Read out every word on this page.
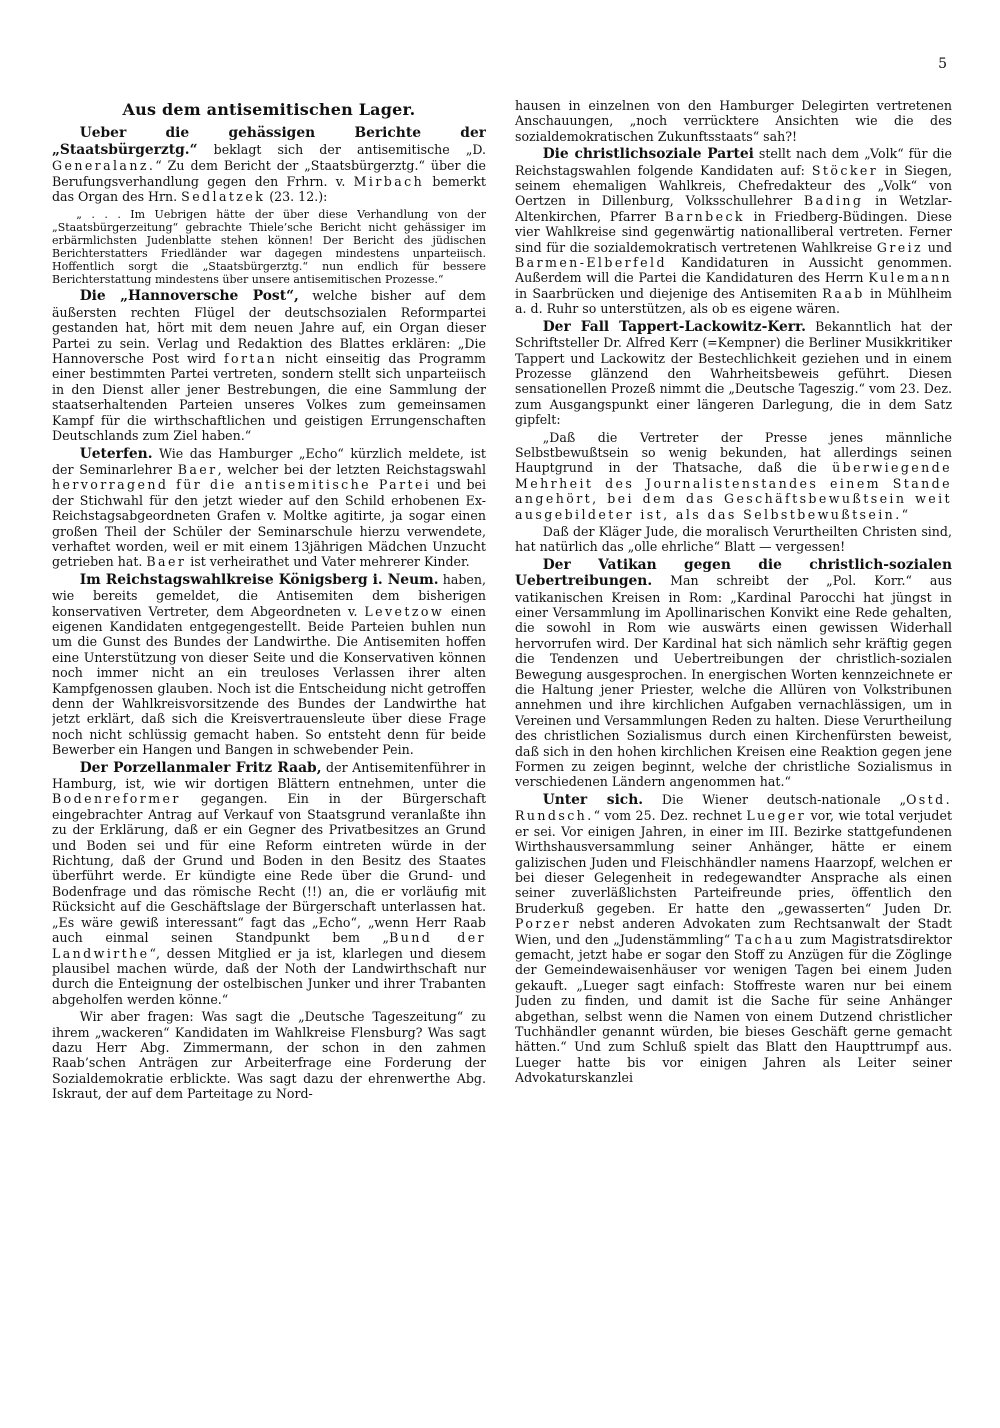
5
Aus dem antisemitischen Lager.

Ueber die gehässigen Berichte der „Staatsbürgerztg.“ beklagt sich der antisemitische „D. Generalanz.“ Zu dem Bericht der „Staatsbürgerztg.“ über die Berufungsverhandlung gegen den Frhrn. v. Mirbach bemerkt das Organ des Hrn. Sedlatzek (23. 12.):

„ . . . Im Uebrigen hätte der über diese Verhandlung von der „Staatsbürgerzeitung“ gebrachte Thiele’sche Bericht nicht gehässiger im erbärmlichsten Judenblatte stehen können! Der Bericht des jüdischen Berichterstatters Friedländer war dagegen mindestens unparteiisch. Hoffentlich sorgt die „Staatsbürgerztg.“ nun endlich für bessere Berichterstattung mindestens über unsere antisemitischen Prozesse.“

Die „Hannoversche Post“, welche bisher auf dem äußersten rechten Flügel der deutschsozialen Reformpartei gestanden hat, hört mit dem neuen Jahre auf, ein Organ dieser Partei zu sein. Verlag und Redaktion des Blattes erklären: „Die Hannoversche Post wird fortan nicht einseitig das Programm einer bestimmten Partei vertreten, sondern stellt sich unparteiisch in den Dienst aller jener Bestrebungen, die eine Sammlung der staatserhaltenden Parteien unseres Volkes zum gemeinsamen Kampf für die wirthschaftlichen und geistigen Errungenschaften Deutschlands zum Ziel haben.“

Ueterfen. Wie das Hamburger „Echo“ kürzlich meldete, ist der Seminarlehrer Baer, welcher bei der letzten Reichstagswahl hervorragend für die antisemitische Partei und bei der Stichwahl für den jetzt wieder auf den Schild erhobenen Ex-Reichstagsabgeordneten Grafen v. Moltke agitirte, ja sogar einen großen Theil der Schüler der Seminarschule hierzu verwendete, verhaftet worden, weil er mit einem 13jährigen Mädchen Unzucht getrieben hat. Baer ist verheirathet und Vater mehrerer Kinder.

Im Reichstagswahlkreise Königsberg i. Neum. haben, wie bereits gemeldet, die Antisemiten dem bisherigen konservativen Vertreter, dem Abgeordneten v. Levetzow einen eigenen Kandidaten entgegengestellt. Beide Parteien buhlen nun um die Gunst des Bundes der Landwirthe. Die Antisemiten hoffen eine Unterstützung von dieser Seite und die Konservativen können noch immer nicht an ein treuloses Verlassen ihrer alten Kampfgenossen glauben. Noch ist die Entscheidung nicht getroffen denn der Wahlkreisvorsitzende des Bundes der Landwirthe hat jetzt erklärt, daß sich die Kreisvertrauensleute über diese Frage noch nicht schlüssig gemacht haben. So entsteht denn für beide Bewerber ein Hangen und Bangen in schwebender Pein.

Der Porzellanmaler Fritz Raab, der Antisemitenführer in Hamburg, ist, wie wir dortigen Blättern entnehmen, unter die Bodenreformer gegangen. Ein in der Bürgerschaft eingebrachter Antrag auf Verkauf von Staatsgrund veranlaßte ihn zu der Erklärung, daß er ein Gegner des Privatbesitzes an Grund und Boden sei und für eine Reform eintreten würde in der Richtung, daß der Grund und Boden in den Besitz des Staates überführt werde. Er kündigte eine Rede über die Grund- und Bodenfrage und das römische Recht (!!) an, die er vorläufig mit Rücksicht auf die Geschäftslage der Bürgerschaft unterlassen hat. „Es wäre gewiß interessant“ fagt das „Echo“, „wenn Herr Raab auch einmal seinen Standpunkt bem „Bund der Landwirthe“, dessen Mitglied er ja ist, klarlegen und diesem plausibel machen würde, daß der Noth der Landwirthschaft nur durch die Enteignung der ostelbischen Junker und ihrer Trabanten abgeholfen werden könne.“

Wir aber fragen: Was sagt die „Deutsche Tageszeitung“ zu ihrem „wackeren“ Kandidaten im Wahlkreise Flensburg? Was sagt dazu Herr Abg. Zimmermann, der schon in den zahmen Raab’schen Anträgen zur Arbeiterfrage eine Forderung der Sozialdemokratie erblickte. Was sagt dazu der ehrenwerthe Abg. Iskraut, der auf dem Parteitage zu Nord-

hausen in einzelnen von den Hamburger Delegirten vertretenen Anschauungen, „noch verrücktere Ansichten wie die des sozialdemokratischen Zukunftsstaats“ sah?!

Die christlichsoziale Partei stellt nach dem „Volk“ für die Reichstagswahlen folgende Kandidaten auf: Stöcker in Siegen, seinem ehemaligen Wahlkreis, Chefredakteur des „Volk“ von Oertzen in Dillenburg, Volksschullehrer Bading in Wetzlar-Altenkirchen, Pfarrer Barnbeck in Friedberg-Büdingen. Diese vier Wahlkreise sind gegenwärtig nationalliberal vertreten. Ferner sind für die sozialdemokratisch vertretenen Wahlkreise Greiz und Barmen-Elberfeld Kandidaturen in Aussicht genommen. Außerdem will die Partei die Kandidaturen des Herrn Kulemann in Saarbrücken und diejenige des Antisemiten Raab in Mühlheim a. d. Ruhr so unterstützen, als ob es eigene wären.

Der Fall Tappert-Lackowitz-Kerr. Bekanntlich hat der Schriftsteller Dr. Alfred Kerr (=Kempner) die Berliner Musikkritiker Tappert und Lackowitz der Bestechlichkeit geziehen und in einem Prozesse glänzend den Wahrheitsbeweis geführt. Diesen sensationellen Prozeß nimmt die „Deutsche Tageszig.“ vom 23. Dez. zum Ausgangspunkt einer längeren Darlegung, die in dem Satz gipfelt:

„Daß die Vertreter der Presse jenes männliche Selbstbewußtsein so wenig bekunden, hat allerdings seinen Hauptgrund in der Thatsache, daß die überwiegende Mehrheit des Journalistenstandes einem Stande angehört, bei dem das Geschäftsbewußtsein weit ausgebildeter ist, als das Selbstbewußtsein.“

Daß der Kläger Jude, die moralisch Verurtheilten Christen sind, hat natürlich das „olle ehrliche“ Blatt — vergessen!

Der Vatikan gegen die christlich-sozialen Uebertreibungen. Man schreibt der „Pol. Korr.“ aus vatikanischen Kreisen in Rom: „Kardinal Parocchi hat jüngst in einer Versammlung im Apollinarischen Konvikt eine Rede gehalten, die sowohl in Rom wie auswärts einen gewissen Widerhall hervorrufen wird. Der Kardinal hat sich nämlich sehr kräftig gegen die Tendenzen und Uebertreibungen der christlich-sozialen Bewegung ausgesprochen. In energischen Worten kennzeichnete er die Haltung jener Priester, welche die Allüren von Volkstribunen annehmen und ihre kirchlichen Aufgaben vernachlässigen, um in Vereinen und Versammlungen Reden zu halten. Diese Verurtheilung des christlichen Sozialismus durch einen Kirchenfürsten beweist, daß sich in den hohen kirchlichen Kreisen eine Reaktion gegen jene Formen zu zeigen beginnt, welche der christliche Sozialismus in verschiedenen Ländern angenommen hat.“

Unter sich. Die Wiener deutsch-nationale „Ostd. Rundsch.“ vom 25. Dez. rechnet Lueger vor, wie total verjudet er sei. Vor einigen Jahren, in einer im III. Bezirke stattgefundenen Wirthshausversammlung seiner Anhänger, hätte er einem galizischen Juden und Fleischhändler namens Haarzopf, welchen er bei dieser Gelegenheit in redegewandter Ansprache als einen seiner zuverläßlichsten Parteifreunde pries, öffentlich den Bruderkuß gegeben. Er hatte den „gewasserten“ Juden Dr. Porzer nebst anderen Advokaten zum Rechtsanwalt der Stadt Wien, und den „Judenstämmling“ Tachau zum Magistratsdirektor gemacht, jetzt habe er sogar den Stoff zu Anzügen für die Zöglinge der Gemeindewaisenhäuser vor wenigen Tagen bei einem Juden gekauft. „Lueger sagt einfach: Stoffreste waren nur bei einem Juden zu finden, und damit ist die Sache für seine Anhänger abgethan, selbst wenn die Namen von einem Dutzend christlicher Tuchhändler genannt würden, bie bieses Geschäft gerne gemacht hätten.“ Und zum Schluß spielt das Blatt den Haupttrumpf aus. Lueger hatte bis vor einigen Jahren als Leiter seiner Advokaturskanzlei
